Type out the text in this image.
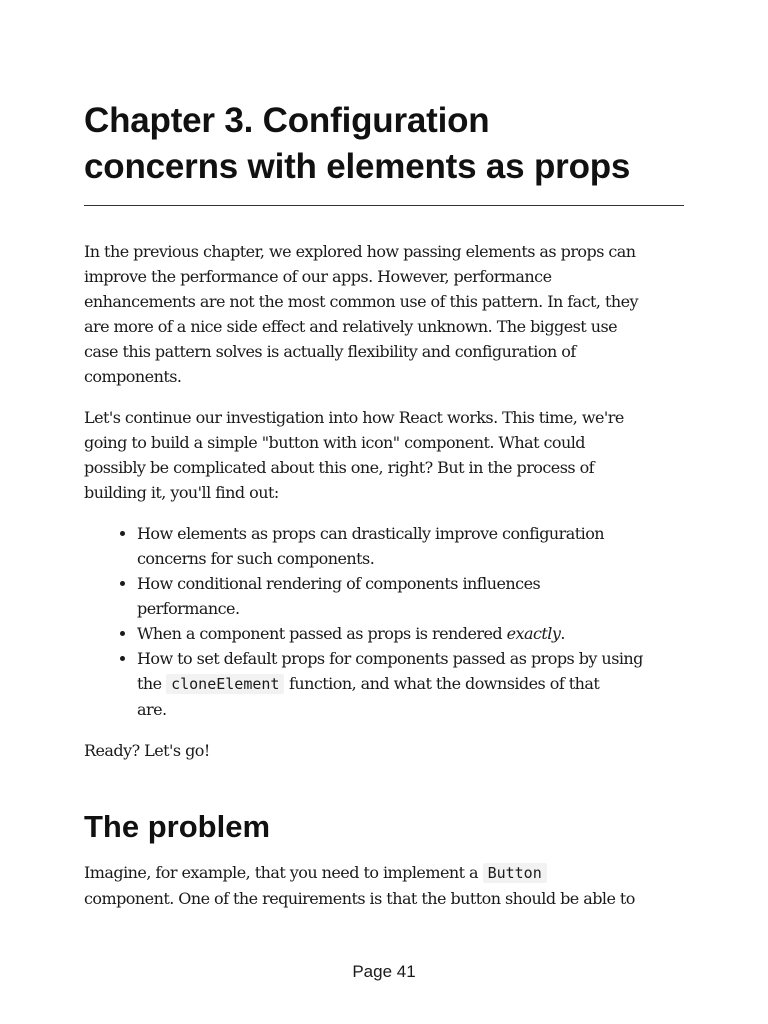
Chapter 3. Configuration
concerns with elements as props

In the previous chapter, we explored how passing elements as props can
improve the performance of our apps. However, performance
enhancements are not the most common use of this pattern. In fact, they
are more of a nice side effect and relatively unknown. The biggest use
case this pattern solves is actually flexibility and configuration of
components.

Let's continue our investigation into how React works. This time, we're
going to build a simple "button with icon" component. What could
possibly be complicated about this one, right? But in the process of
building it, you'll find out:

• How elements as props can drastically improve configuration
concerns for such components.
• How conditional rendering of components influences
performance.
• When a component passed as props is rendered exactly.
• How to set default props for components passed as props by using
the cloneElement function, and what the downsides of that
are.

Ready? Let's go!

The problem

Imagine, for example, that you need to implement a Button
component. One of the requirements is that the button should be able to

Page 41
